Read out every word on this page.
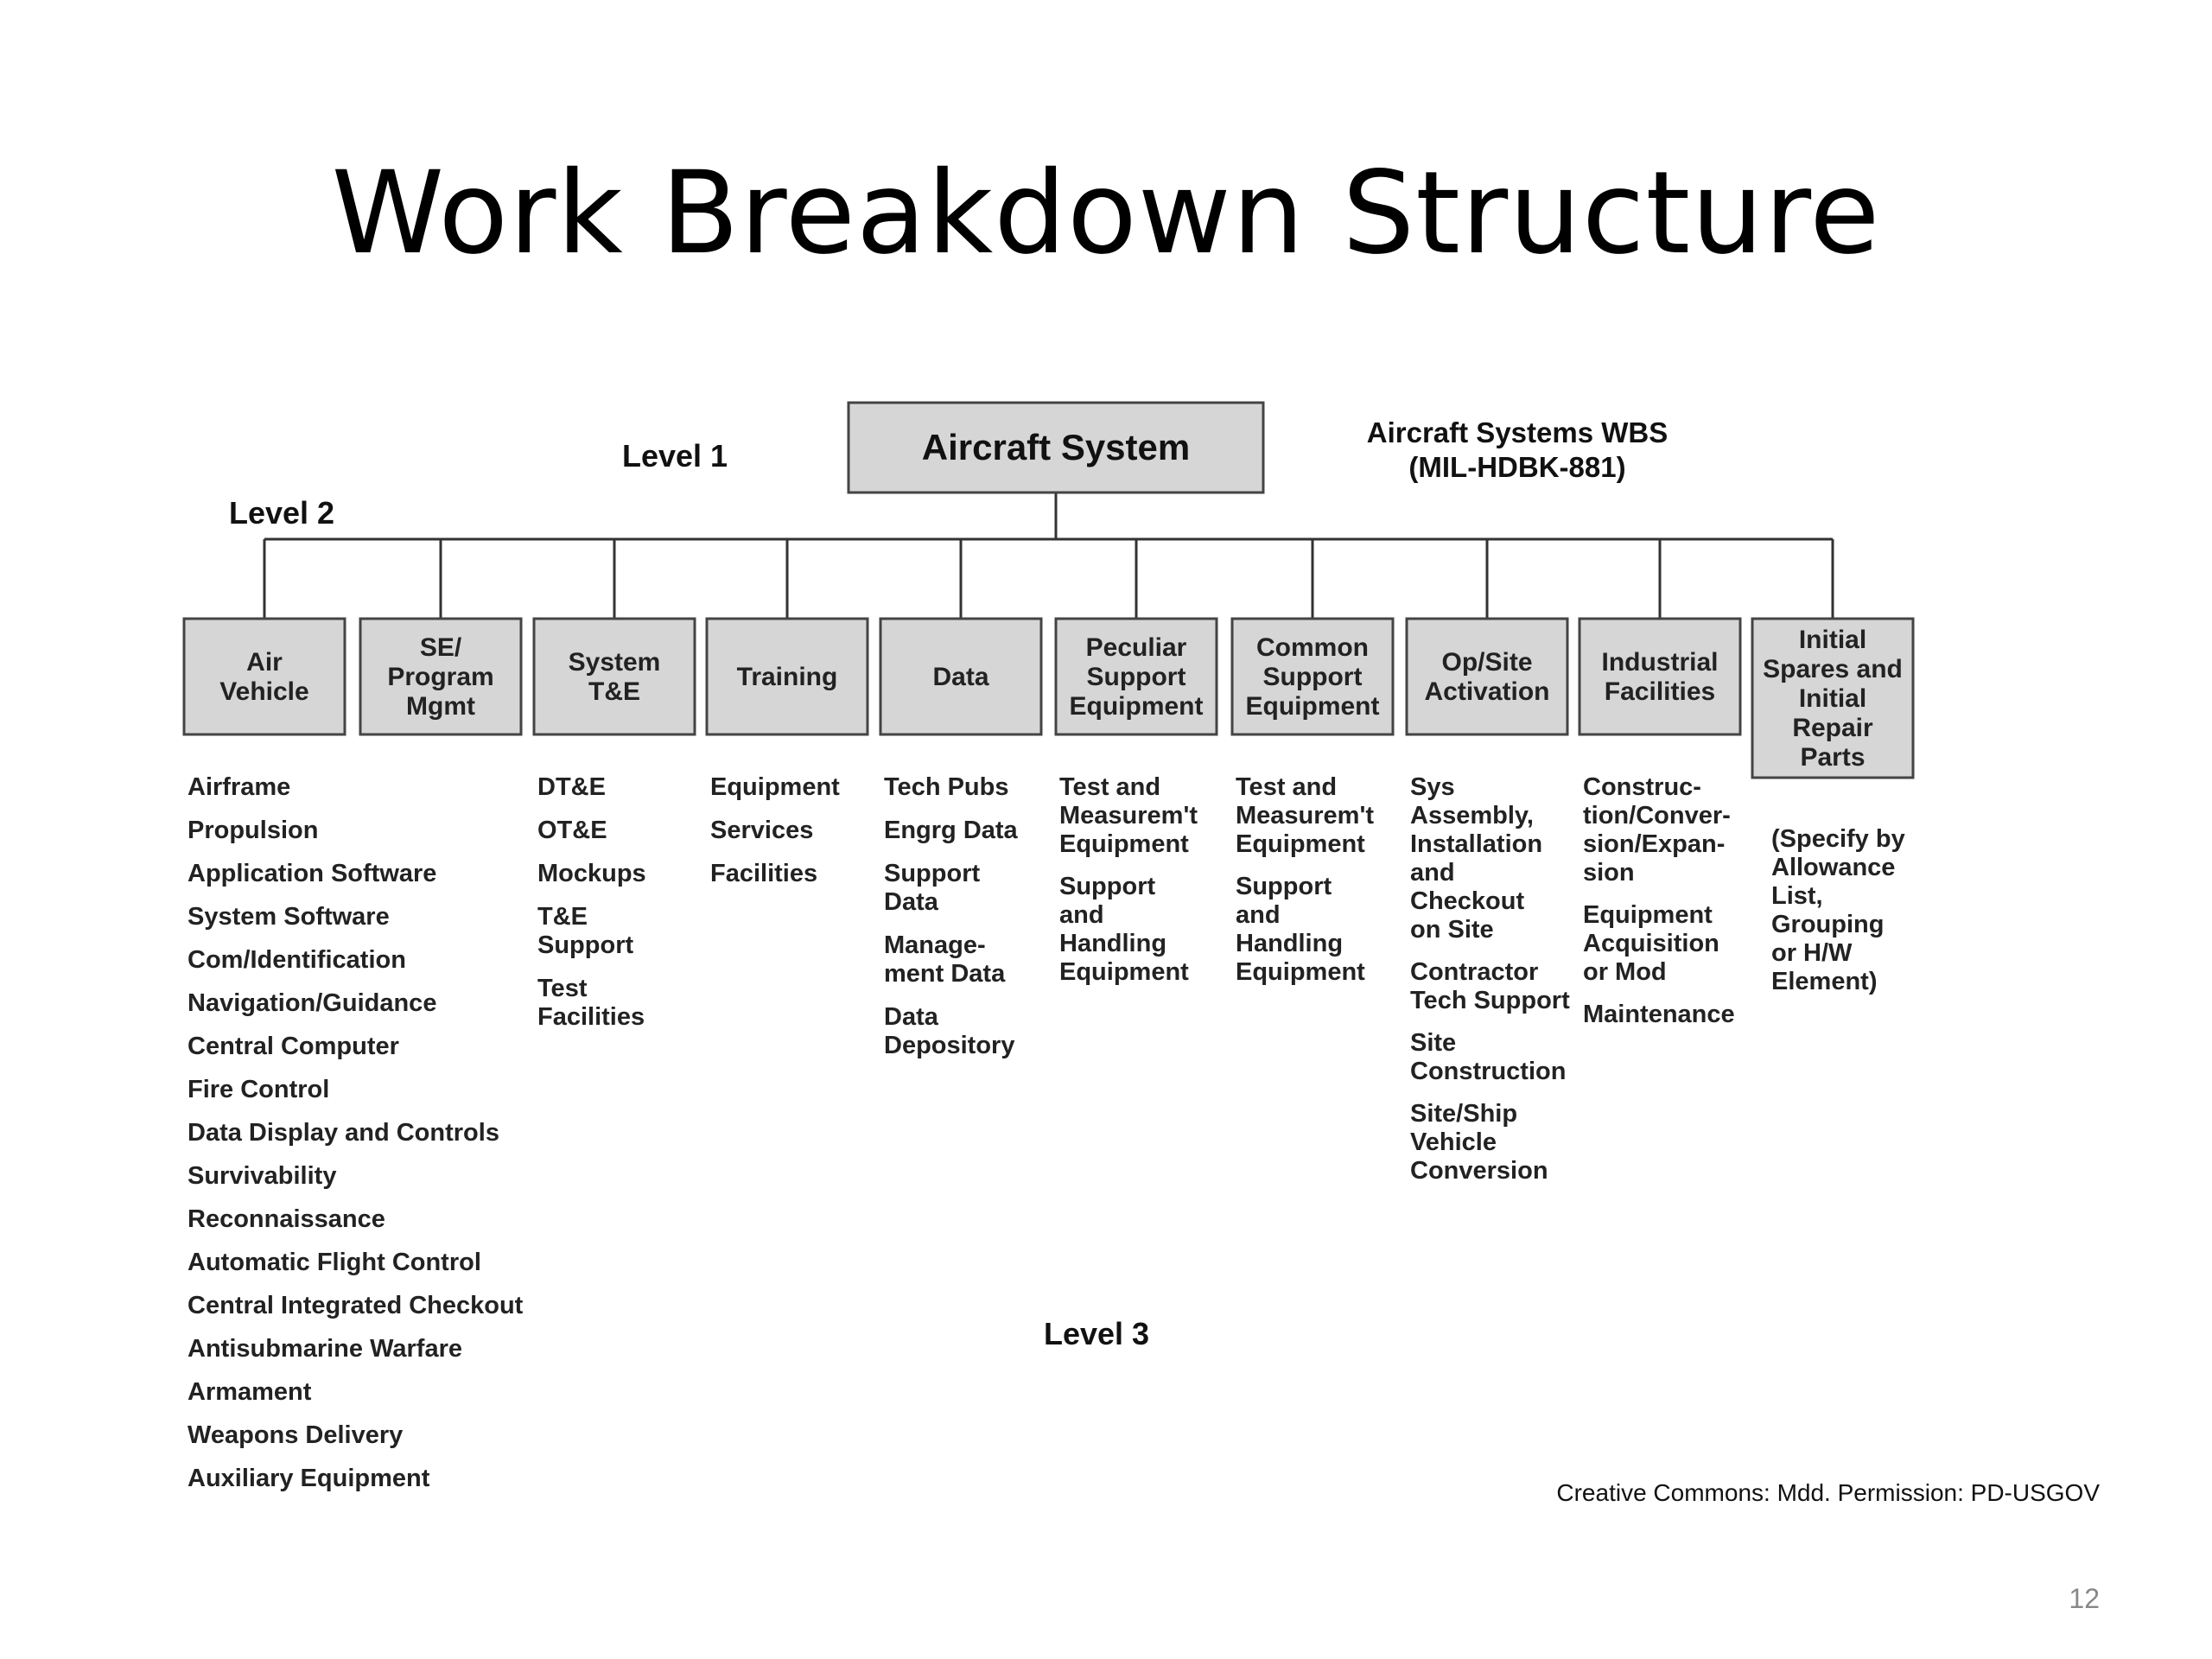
Work Breakdown Structure
Aircraft System
Air
Vehicle
SE/
Program
Mgmt
System
T&E
Training	Data
Peculiar
Support
Equipment
Common
Support
Equipment
Op/Site
Activation
Industrial
Facilities
Initial
Spares and
Initial
Repair
Parts
Airframe
Propulsion
Application Software
System Software
Com/Identification
Navigation/Guidance
Central Computer
Fire Control
Data Display and Controls
Survivability
Reconnaissance
Automatic Flight Control
Central Integrated Checkout
Antisubmarine Warfare
Armament
Weapons Delivery
Auxiliary Equipment
DT&E
OT&E
Mockups
T&E
Support
Test
Facilities
Equipment
Services
Facilities
Tech Pubs
Engrg Data
Support
Data
Manage-
ment Data
Data
Depository
Test and
Measurem't
Equipment
Support
and
Handling
Equipment
Test and
Measurem't
Equipment
Support
and
Handling
Equipment
Sys
Assembly,
Installation
and
Checkout
on Site
Contractor
Tech Support
Site
Construction
Site/Ship
Vehicle
Conversion
Construc-
tion/Conver-
sion/Expan-
sion
Equipment
Acquisition
or Mod
Maintenance
(Specify by
Allowance
List,
Grouping
or H/W
Element)
Level 1
Level 2
Level 3
Aircraft Systems WBS
(MIL-HDBK-881)
Creative Commons: Mdd. Permission: PD-USGOV
12
